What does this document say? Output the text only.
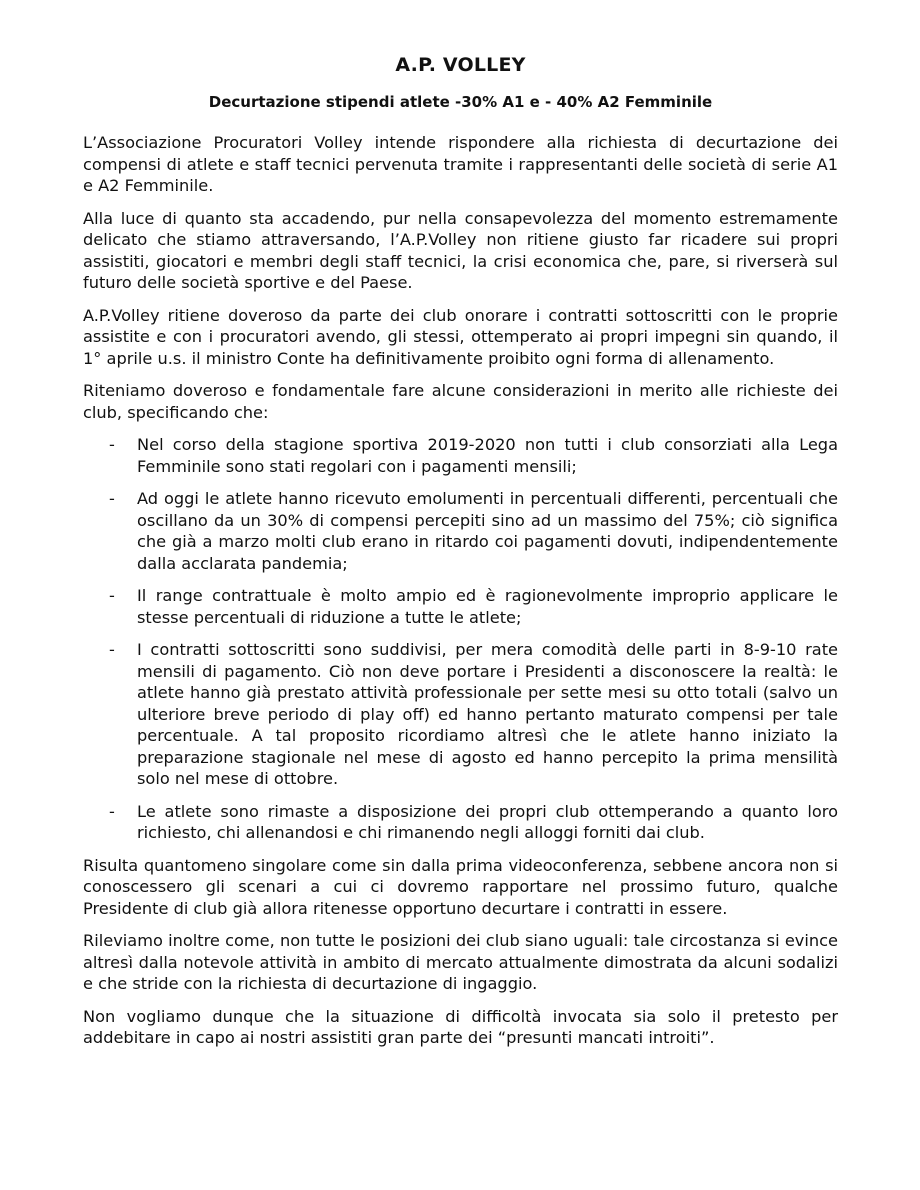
A.P. VOLLEY
Decurtazione stipendi atlete -30% A1 e - 40% A2 Femminile

L’Associazione Procuratori Volley intende rispondere alla richiesta di decurtazione dei compensi di atlete e staff tecnici pervenuta tramite i rappresentanti delle società di serie A1 e A2 Femminile.

Alla luce di quanto sta accadendo, pur nella consapevolezza del momento estremamente delicato che stiamo attraversando, l’A.P.Volley non ritiene giusto far ricadere sui propri assistiti, giocatori e membri degli staff tecnici, la crisi economica che, pare, si riverserà sul futuro delle società sportive e del Paese.

A.P.Volley ritiene doveroso da parte dei club onorare i contratti sottoscritti con le proprie assistite e con i procuratori avendo, gli stessi, ottemperato ai propri impegni sin quando, il 1° aprile u.s. il ministro Conte ha definitivamente proibito ogni forma di allenamento.

Riteniamo doveroso e fondamentale fare alcune considerazioni in merito alle richieste dei club, specificando che:

- Nel corso della stagione sportiva 2019-2020 non tutti i club consorziati alla Lega Femminile sono stati regolari con i pagamenti mensili;
- Ad oggi le atlete hanno ricevuto emolumenti in percentuali differenti, percentuali che oscillano da un 30% di compensi percepiti sino ad un massimo del 75%; ciò significa che già a marzo molti club erano in ritardo coi pagamenti dovuti, indipendentemente dalla acclarata pandemia;
- Il range contrattuale è molto ampio ed è ragionevolmente improprio applicare le stesse percentuali di riduzione a tutte le atlete;
- I contratti sottoscritti sono suddivisi, per mera comodità delle parti in 8-9-10 rate mensili di pagamento. Ciò non deve portare i Presidenti a disconoscere la realtà: le atlete hanno già prestato attività professionale per sette mesi su otto totali (salvo un ulteriore breve periodo di play off) ed hanno pertanto maturato compensi per tale percentuale. A tal proposito ricordiamo altresì che le atlete hanno iniziato la preparazione stagionale nel mese di agosto ed hanno percepito la prima mensilità solo nel mese di ottobre.
- Le atlete sono rimaste a disposizione dei propri club ottemperando a quanto loro richiesto, chi allenandosi e chi rimanendo negli alloggi forniti dai club.

Risulta quantomeno singolare come sin dalla prima videoconferenza, sebbene ancora non si conoscessero gli scenari a cui ci dovremo rapportare nel prossimo futuro, qualche Presidente di club già allora ritenesse opportuno decurtare i contratti in essere.

Rileviamo inoltre come, non tutte le posizioni dei club siano uguali: tale circostanza si evince altresì dalla notevole attività in ambito di mercato attualmente dimostrata da alcuni sodalizi e che stride con la richiesta di decurtazione di ingaggio.

Non vogliamo dunque che la situazione di difficoltà invocata sia solo il pretesto per addebitare in capo ai nostri assistiti gran parte dei “presunti mancati introiti”.
